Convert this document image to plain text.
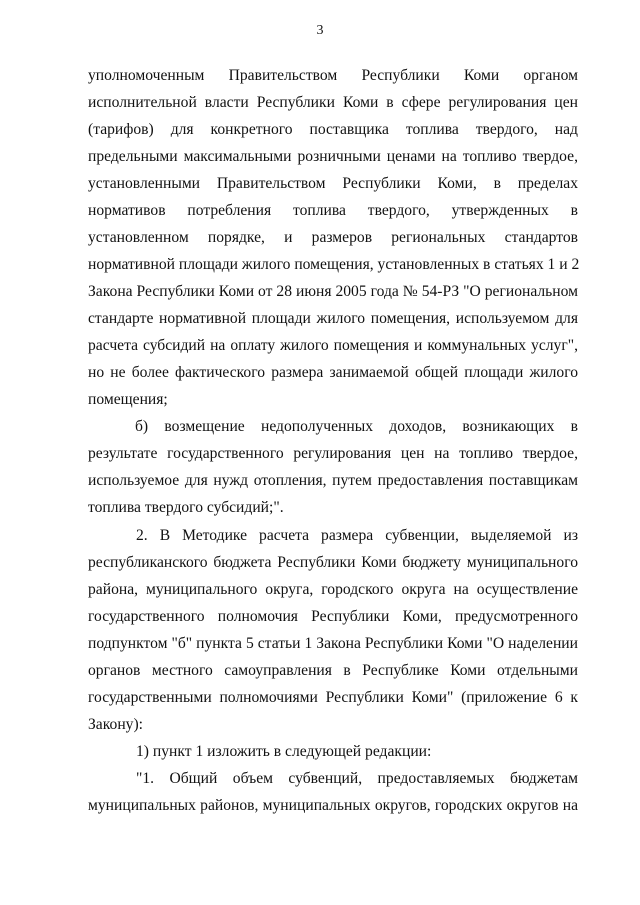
3
уполномоченным Правительством Республики Коми органом
исполнительной власти Республики Коми в сфере регулирования цен
(тарифов) для конкретного поставщика топлива твердого, над
предельными максимальными розничными ценами на топливо твердое,
установленными Правительством Республики Коми, в пределах
нормативов потребления топлива твердого, утвержденных в
установленном порядке, и размеров региональных стандартов
нормативной площади жилого помещения, установленных в статьях 1 и 2
Закона Республики Коми от 28 июня 2005 года № 54-РЗ "О региональном
стандарте нормативной площади жилого помещения, используемом для
расчета субсидий на оплату жилого помещения и коммунальных услуг",
но не более фактического размера занимаемой общей площади жилого
помещения;
б) возмещение недополученных доходов, возникающих в
результате государственного регулирования цен на топливо твердое,
используемое для нужд отопления, путем предоставления поставщикам
топлива твердого субсидий;".
2. В Методике расчета размера субвенции, выделяемой из
республиканского бюджета Республики Коми бюджету муниципального
района, муниципального округа, городского округа на осуществление
государственного полномочия Республики Коми, предусмотренного
подпунктом "б" пункта 5 статьи 1 Закона Республики Коми "О наделении
органов местного самоуправления в Республике Коми отдельными
государственными полномочиями Республики Коми" (приложение 6 к
Закону):
1) пункт 1 изложить в следующей редакции:
"1. Общий объем субвенций, предоставляемых бюджетам
муниципальных районов, муниципальных округов, городских округов на
